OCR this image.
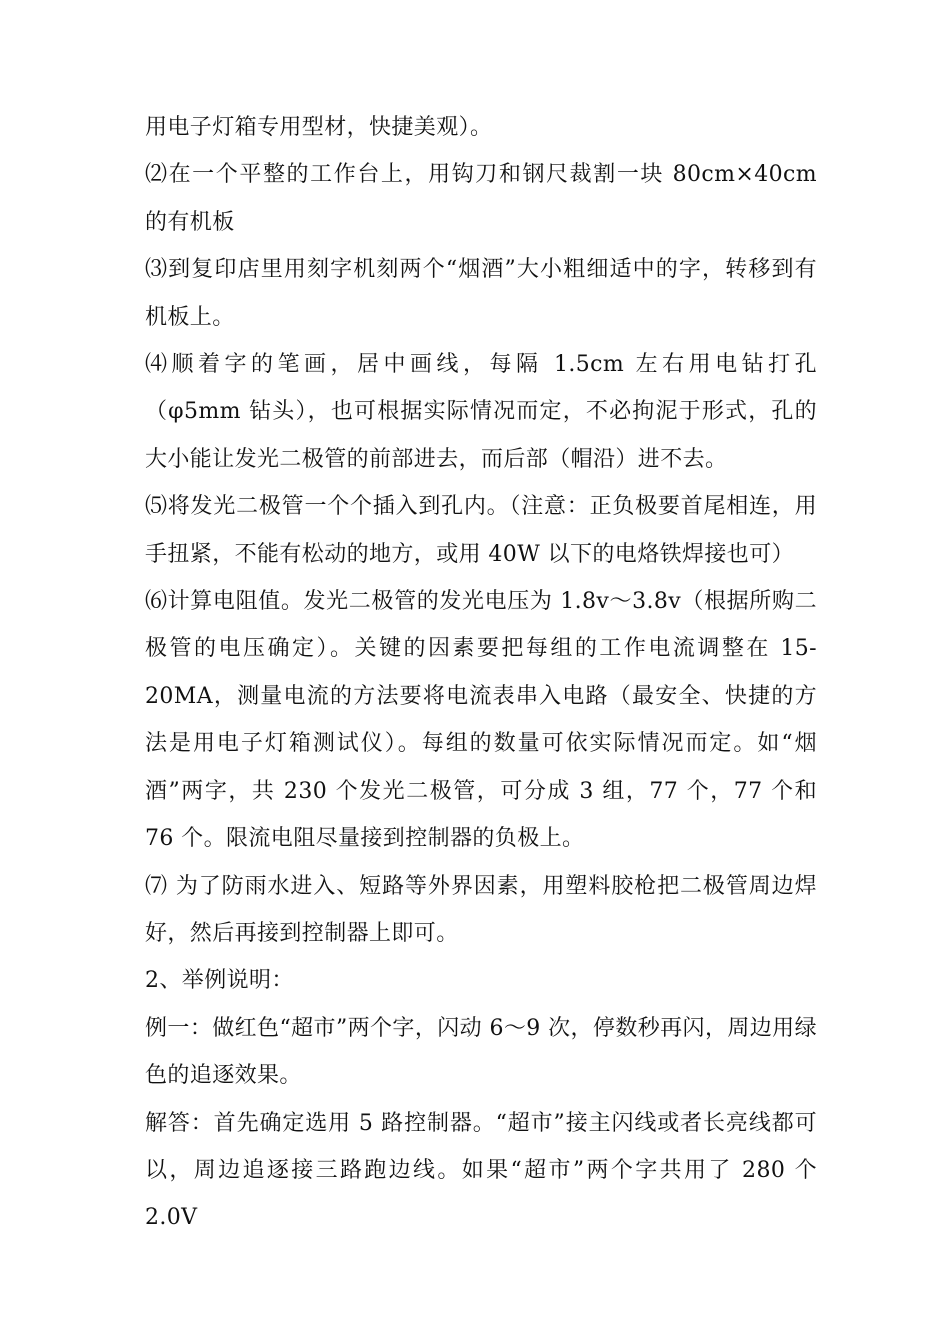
用电子灯箱专用型材，快捷美观）。

⑵在一个平整的工作台上，用钩刀和钢尺裁割一块 80cm×40cm 的有机板

⑶到复印店里用刻字机刻两个“烟酒”大小粗细适中的字，转移到有机板上。

⑷顺着字的笔画，居中画线，每隔 1.5cm 左右用电钻打孔（φ5mm 钻头），也可根据实际情况而定，不必拘泥于形式，孔的大小能让发光二极管的前部进去，而后部（帽沿）进不去。

⑸将发光二极管一个个插入到孔内。（注意：正负极要首尾相连，用手扭紧，不能有松动的地方，或用 40W 以下的电烙铁焊接也可）

⑹计算电阻值。发光二极管的发光电压为 1.8v～3.8v（根据所购二极管的电压确定）。关键的因素要把每组的工作电流调整在 15-20MA，测量电流的方法要将电流表串入电路（最安全、快捷的方法是用电子灯箱测试仪）。每组的数量可依实际情况而定。如“烟酒”两字，共 230 个发光二极管，可分成 3 组，77 个，77 个和 76 个。限流电阻尽量接到控制器的负极上。

⑺ 为了防雨水进入、短路等外界因素，用塑料胶枪把二极管周边焊好，然后再接到控制器上即可。

2、举例说明：

例一：做红色“超市”两个字，闪动 6～9 次，停数秒再闪，周边用绿色的追逐效果。

解答：首先确定选用 5 路控制器。“超市”接主闪线或者长亮线都可以，周边追逐接三路跑边线。如果“超市”两个字共用了 280 个 2.0V
